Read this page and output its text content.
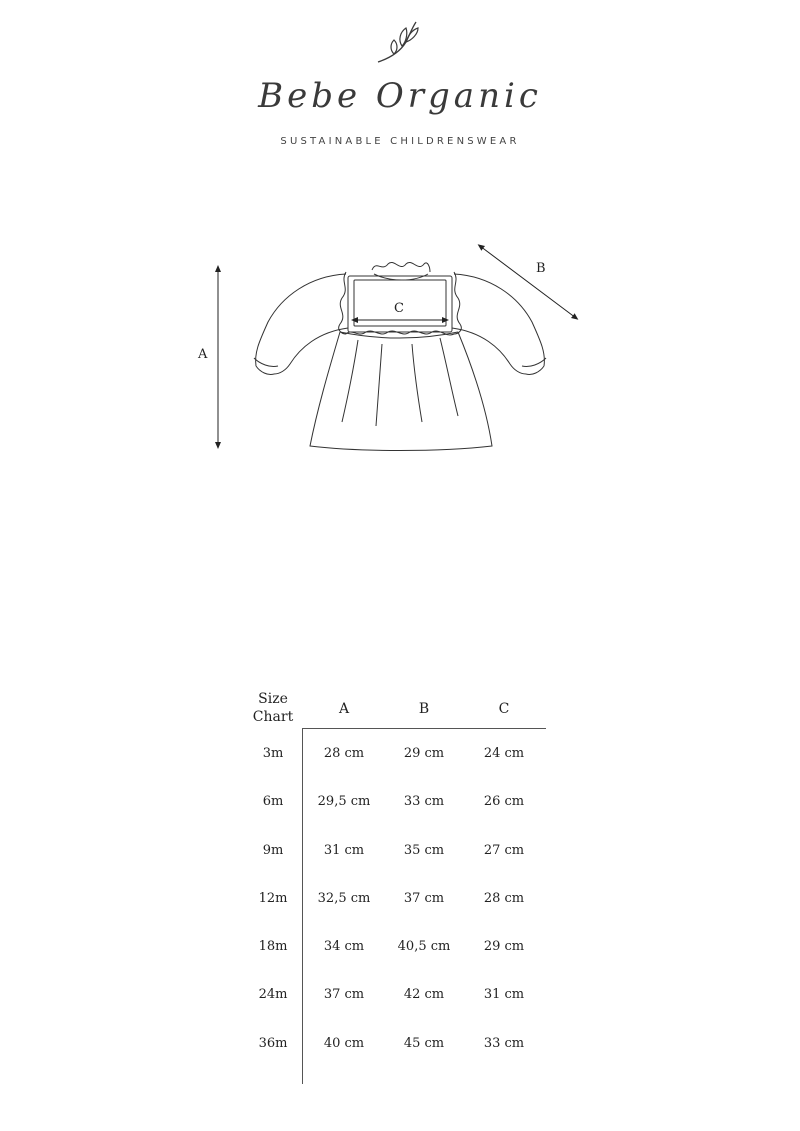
Bebe Organic
SUSTAINABLE CHILDRENSWEAR
A
B
C
Size Chart	A	B	C
3m	28 cm	29 cm	24 cm
6m	29,5 cm	33 cm	26 cm
9m	31 cm	35 cm	27 cm
12m	32,5 cm	37 cm	28 cm
18m	34 cm	40,5 cm	29 cm
24m	37 cm	42 cm	31 cm
36m	40 cm	45 cm	33 cm
